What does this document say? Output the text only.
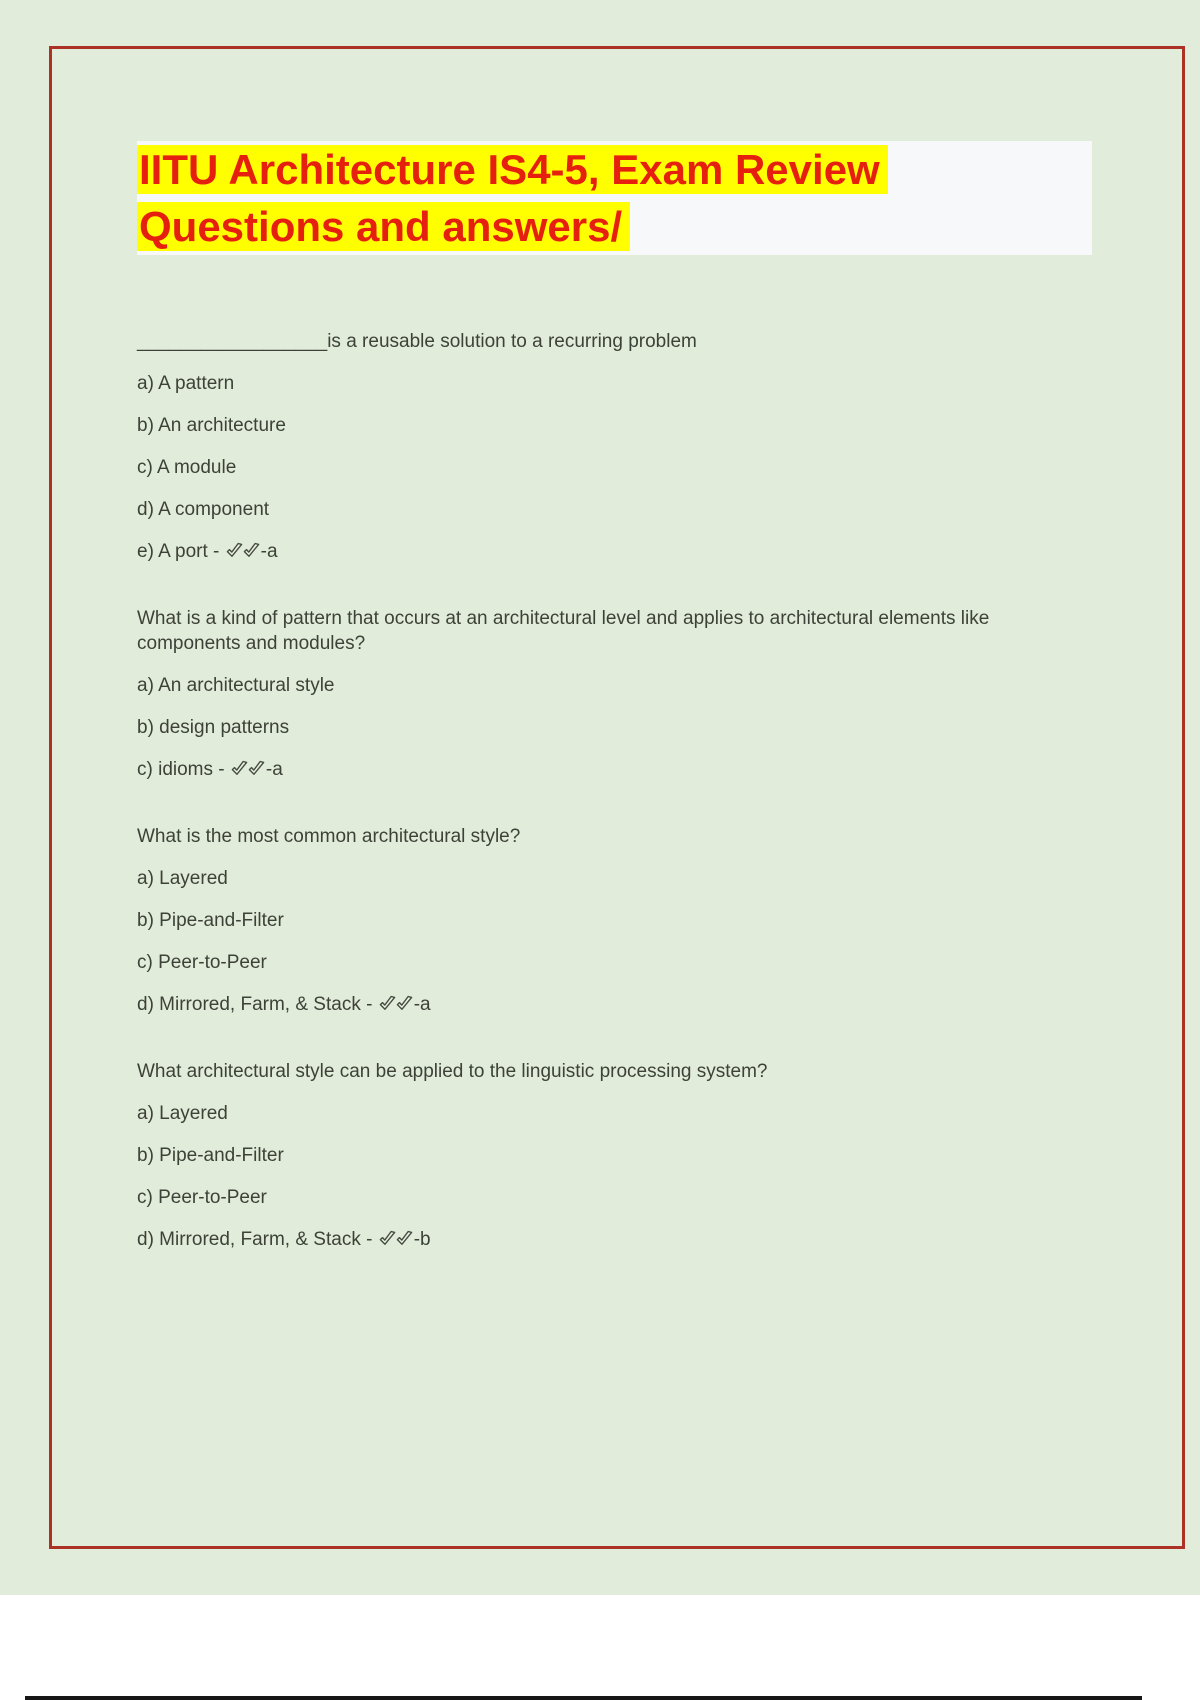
IITU Architecture IS4-5, Exam Review
Questions and answers/

__________________is a reusable solution to a recurring problem

a) A pattern

b) An architecture

c) A module

d) A component

e) A port - -a

What is a kind of pattern that occurs at an architectural level and applies to architectural elements like components and modules?

a) An architectural style

b) design patterns

c) idioms - -a

What is the most common architectural style?

a) Layered

b) Pipe-and-Filter

c) Peer-to-Peer

d) Mirrored, Farm, & Stack - -a

What architectural style can be applied to the linguistic processing system?

a) Layered

b) Pipe-and-Filter

c) Peer-to-Peer

d) Mirrored, Farm, & Stack - -b
